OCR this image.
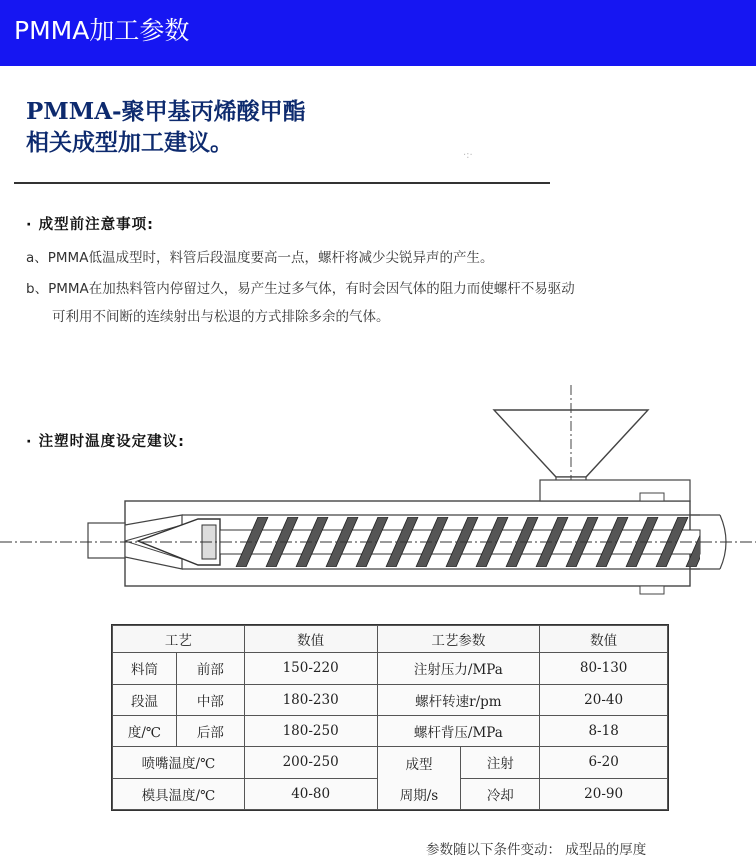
PMMA加工参数
PMMA-聚甲基丙烯酸甲酯
相关成型加工建议。	·:·
· 成型前注意事项:
a、PMMA低温成型时，料管后段温度要高一点，螺杆将减少尖锐异声的产生。
b、PMMA在加热料管内停留过久，易产生过多气体，有时会因气体的阻力而使螺杆不易驱动
可利用不间断的连续射出与松退的方式排除多余的气体。
· 注塑时温度设定建议:
工艺		数值	工艺参数		数值
料筒	前部	150-220	注射压力/MPa		80-130
段温	中部	180-230	螺杆转速r/pm		20-40
度/℃	后部	180-250	螺杆背压/MPa		8-18
喷嘴温度/℃		200-250	成型	注射	6-20
模具温度/℃		40-80	周期/s	冷却	20-90
参数随以下条件变动： 成型品的厚度
